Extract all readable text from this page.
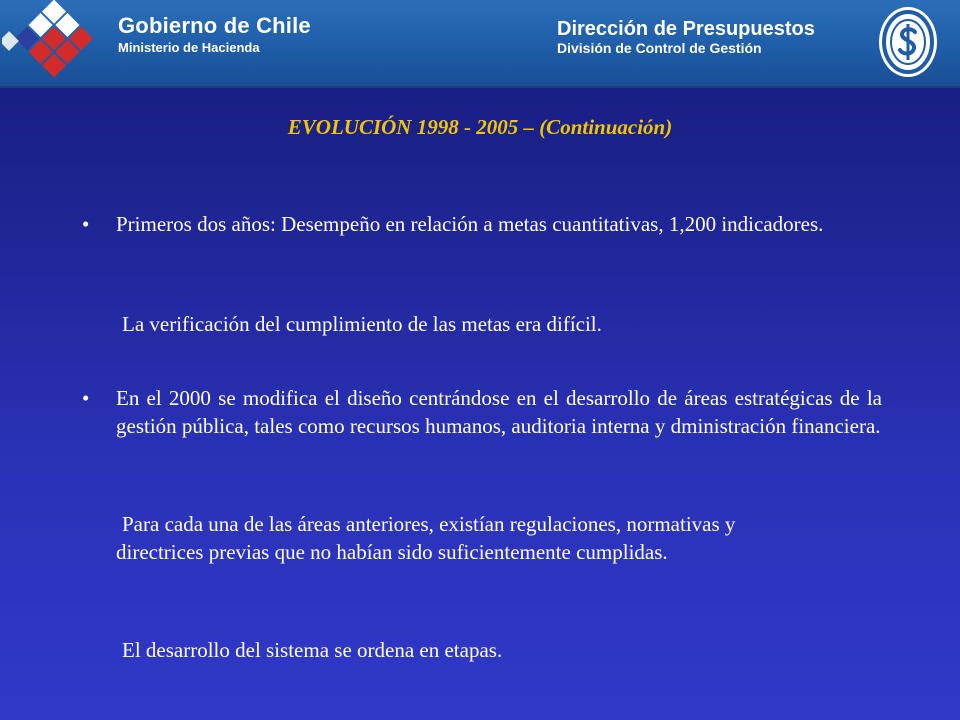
Gobierno de Chile
Ministerio de Hacienda
Dirección de Presupuestos
División de Control de Gestión
EVOLUCIÓN 1998 - 2005 – (Continuación)
•	Primeros dos años: Desempeño en relación a metas cuantitativas, 1,200 indicadores.
La verificación del cumplimiento de las metas era difícil.
•	En el 2000 se modifica el diseño centrándose en el desarrollo de áreas estratégicas de la gestión pública, tales como recursos humanos, auditoria interna y dministración financiera.
Para cada una de las áreas anteriores, existían regulaciones, normativas y directrices previas que no habían sido suficientemente cumplidas.
El desarrollo del sistema se ordena en etapas.
